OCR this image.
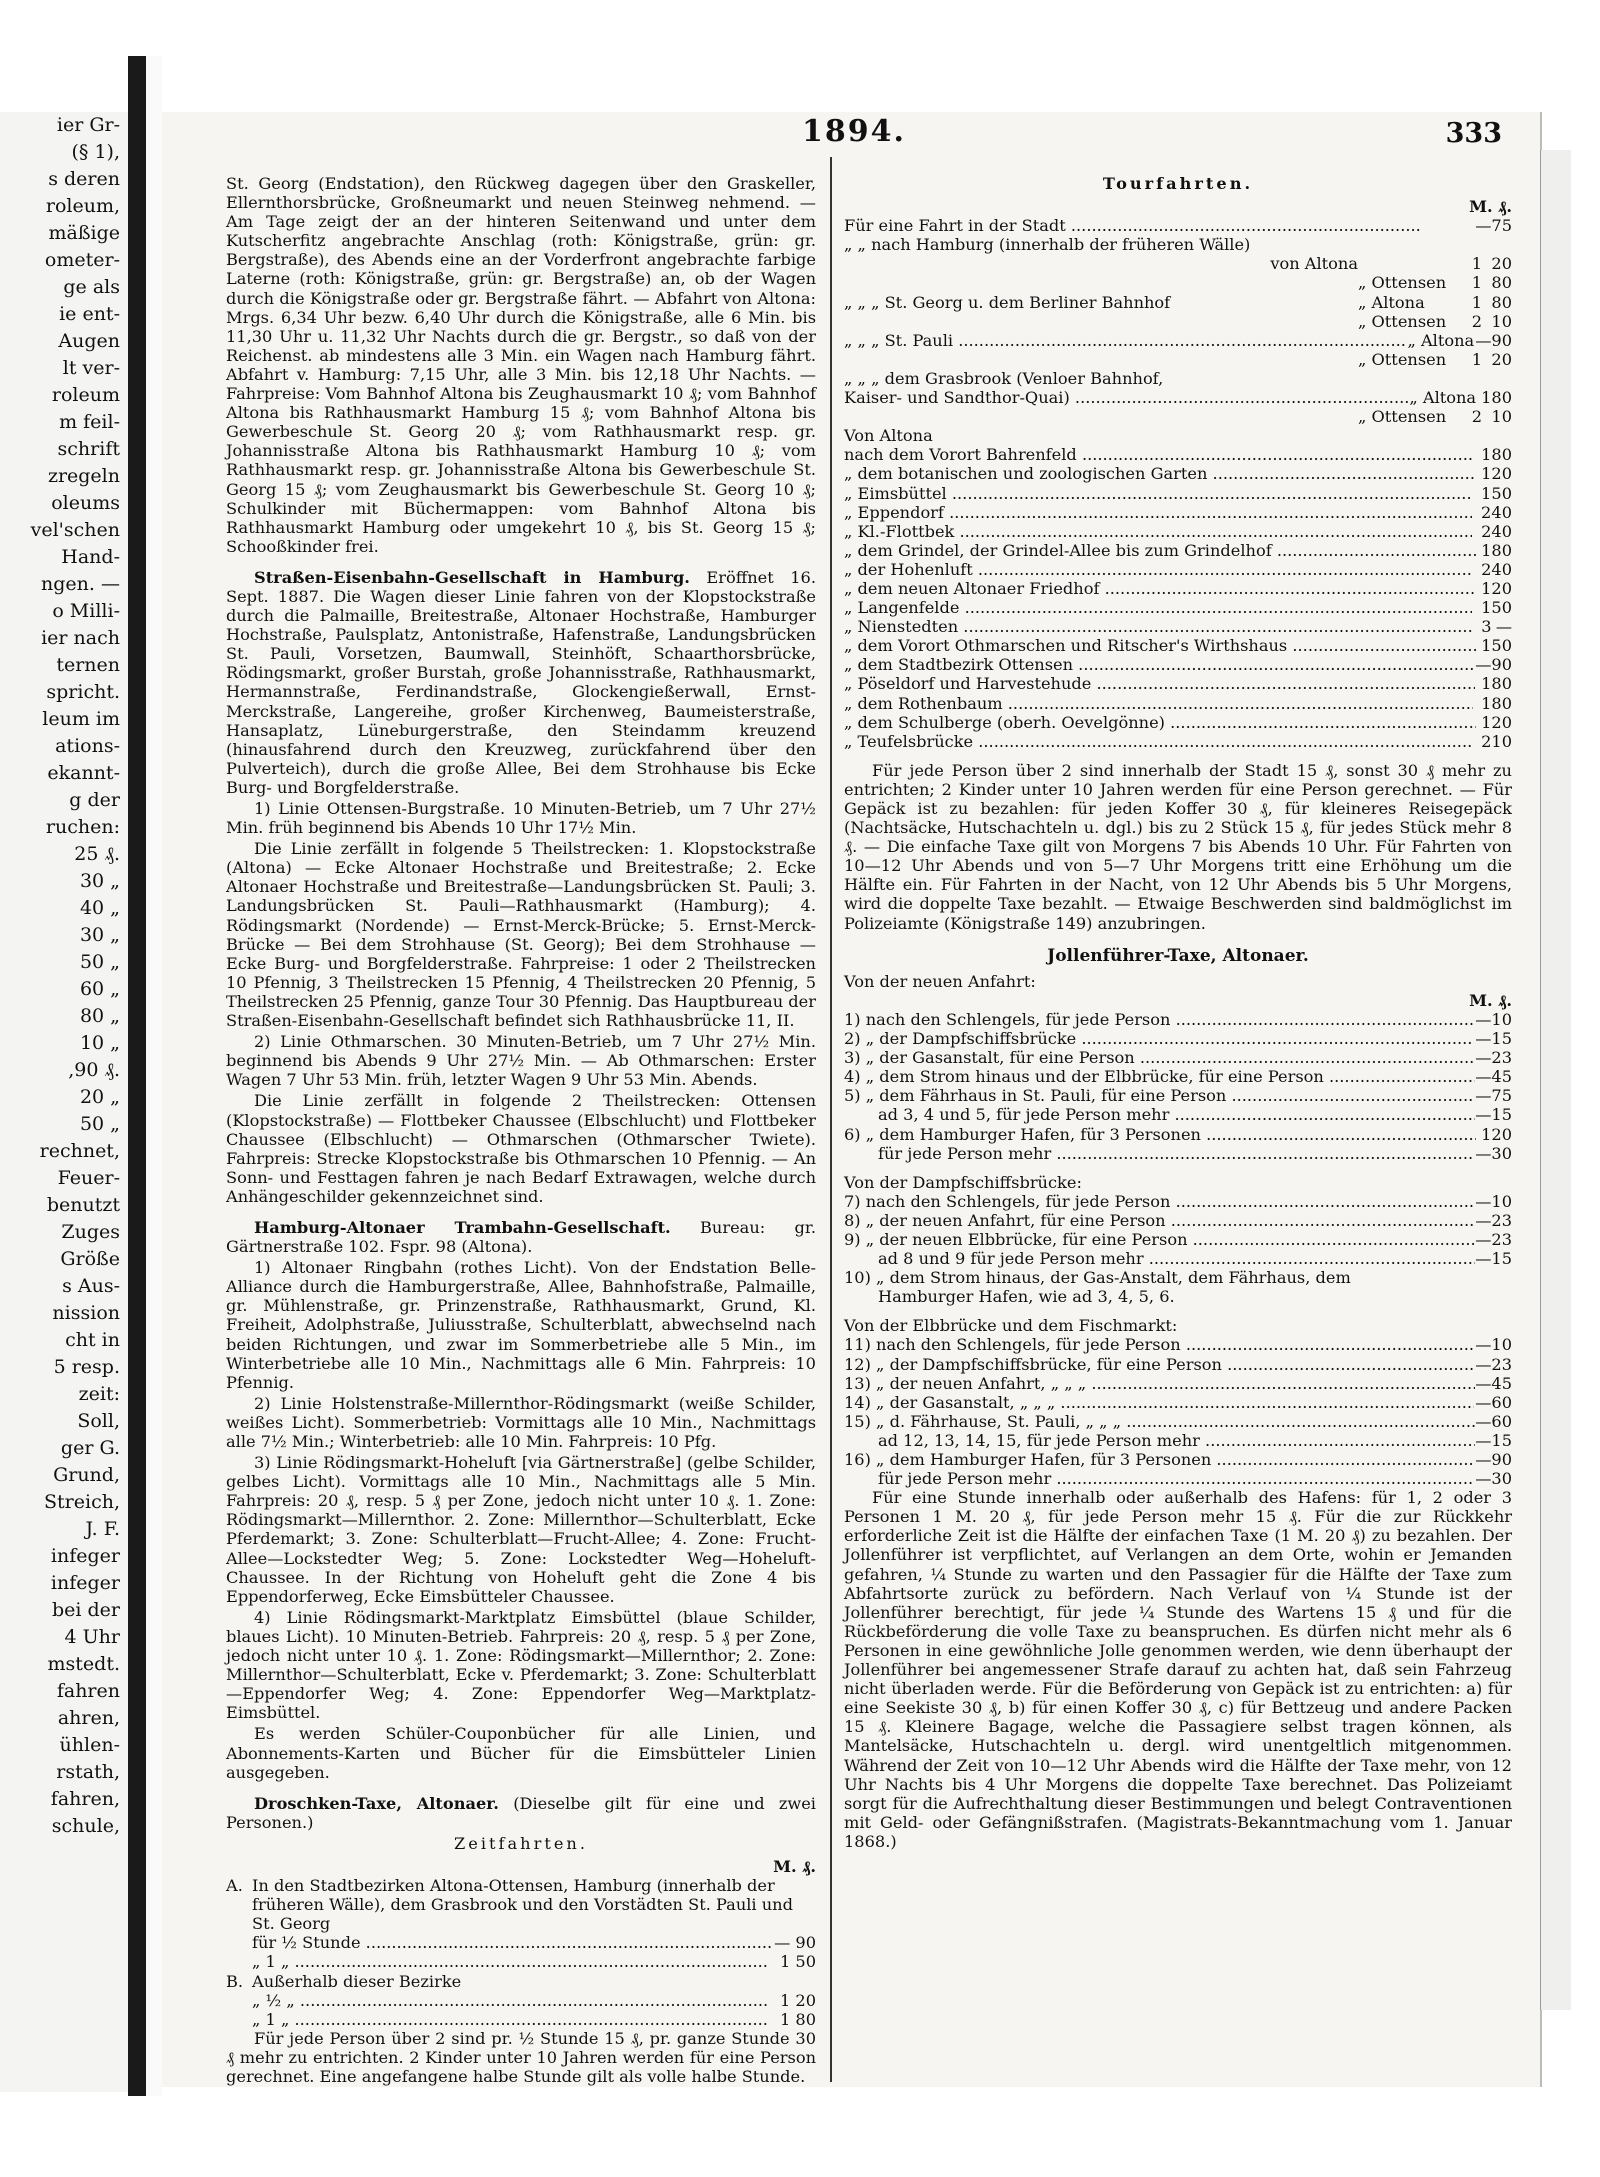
ier Gr-
(§ 1),
s deren
roleum,
mäßige
ometer-
ge als
ie ent-
Augen
lt ver-
roleum
m feil-
schrift
zregeln
oleums
vel'schen
Hand-
ngen. —
o Milli-
ier nach
ternen
spricht.
leum im
ations-
ekannt-
g der
ruchen:
25 ₰.
30 „
40 „
30 „
50 „
60 „
80 „
10 „
,90 ₰.
20 „
50 „
rechnet,
Feuer-
benutzt
Zuges
Größe
s Aus-
nission
cht in
5 resp.
zeit:
Soll,
ger G.
Grund,
Streich,
J. F.
infeger
infeger
bei der
4 Uhr
mstedt.
fahren
ahren,
ühlen-
rstath,
fahren,
schule,
1894.	333

St. Georg (Endstation), den Rückweg dagegen über den Graskeller, Ellernthorsbrücke, Großneumarkt und neuen Steinweg nehmend. — Am Tage zeigt der an der hinteren Seitenwand und unter dem Kutscherfitz angebrachte Anschlag (roth: Königstraße, grün: gr. Bergstraße), des Abends eine an der Vorderfront angebrachte farbige Laterne (roth: Königstraße, grün: gr. Bergstraße) an, ob der Wagen durch die Königstraße oder gr. Bergstraße fährt. — Abfahrt von Altona: Mrgs. 6,34 Uhr bezw. 6,40 Uhr durch die Königstraße, alle 6 Min. bis 11,30 Uhr u. 11,32 Uhr Nachts durch die gr. Bergstr., so daß von der Reichenst. ab mindestens alle 3 Min. ein Wagen nach Hamburg fährt. Abfahrt v. Hamburg: 7,15 Uhr, alle 3 Min. bis 12,18 Uhr Nachts. — Fahrpreise: Vom Bahnhof Altona bis Zeughausmarkt 10 ₰; vom Bahnhof Altona bis Rathhausmarkt Hamburg 15 ₰; vom Bahnhof Altona bis Gewerbeschule St. Georg 20 ₰; vom Rathhausmarkt resp. gr. Johannisstraße Altona bis Rathhausmarkt Hamburg 10 ₰; vom Rathhausmarkt resp. gr. Johannisstraße Altona bis Gewerbeschule St. Georg 15 ₰; vom Zeughausmarkt bis Gewerbeschule St. Georg 10 ₰; Schulkinder mit Büchermappen: vom Bahnhof Altona bis Rathhausmarkt Hamburg oder umgekehrt 10 ₰, bis St. Georg 15 ₰; Schooßkinder frei.

Straßen-Eisenbahn-Gesellschaft in Hamburg. Eröffnet 16. Sept. 1887. Die Wagen dieser Linie fahren von der Klopstockstraße durch die Palmaille, Breitestraße, Altonaer Hochstraße, Hamburger Hochstraße, Paulsplatz, Antonistraße, Hafenstraße, Landungsbrücken St. Pauli, Vorsetzen, Baumwall, Steinhöft, Schaarthorsbrücke, Rödingsmarkt, großer Burstah, große Johannisstraße, Rathhausmarkt, Hermannstraße, Ferdinandstraße, Glockengießerwall, Ernst-Merckstraße, Langereihe, großer Kirchenweg, Baumeisterstraße, Hansaplatz, Lüneburgerstraße, den Steindamm kreuzend (hinausfahrend durch den Kreuzweg, zurückfahrend über den Pulverteich), durch die große Allee, Bei dem Strohhause bis Ecke Burg- und Borgfelderstraße.

1) Linie Ottensen-Burgstraße. 10 Minuten-Betrieb, um 7 Uhr 27½ Min. früh beginnend bis Abends 10 Uhr 17½ Min.

Die Linie zerfällt in folgende 5 Theilstrecken: 1. Klopstockstraße (Altona) — Ecke Altonaer Hochstraße und Breitestraße; 2. Ecke Altonaer Hochstraße und Breitestraße—Landungsbrücken St. Pauli; 3. Landungsbrücken St. Pauli—Rathhausmarkt (Hamburg); 4. Rödingsmarkt (Nordende) — Ernst-Merck-Brücke; 5. Ernst-Merck-Brücke — Bei dem Strohhause (St. Georg); Bei dem Strohhause — Ecke Burg- und Borgfelderstraße. Fahrpreise: 1 oder 2 Theilstrecken 10 Pfennig, 3 Theilstrecken 15 Pfennig, 4 Theilstrecken 20 Pfennig, 5 Theilstrecken 25 Pfennig, ganze Tour 30 Pfennig. Das Hauptbureau der Straßen-Eisenbahn-Gesellschaft befindet sich Rathhausbrücke 11, II.

2) Linie Othmarschen. 30 Minuten-Betrieb, um 7 Uhr 27½ Min. beginnend bis Abends 9 Uhr 27½ Min. — Ab Othmarschen: Erster Wagen 7 Uhr 53 Min. früh, letzter Wagen 9 Uhr 53 Min. Abends.

Die Linie zerfällt in folgende 2 Theilstrecken: Ottensen (Klopstockstraße) — Flottbeker Chaussee (Elbschlucht) und Flottbeker Chaussee (Elbschlucht) — Othmarschen (Othmarscher Twiete). Fahrpreis: Strecke Klopstockstraße bis Othmarschen 10 Pfennig. — An Sonn- und Festtagen fahren je nach Bedarf Extrawagen, welche durch Anhängeschilder gekennzeichnet sind.

Hamburg-Altonaer Trambahn-Gesellschaft. Bureau: gr. Gärtnerstraße 102. Fspr. 98 (Altona).

1) Altonaer Ringbahn (rothes Licht). Von der Endstation Belle-Alliance durch die Hamburgerstraße, Allee, Bahnhofstraße, Palmaille, gr. Mühlenstraße, gr. Prinzenstraße, Rathhausmarkt, Grund, Kl. Freiheit, Adolphstraße, Juliusstraße, Schulterblatt, abwechselnd nach beiden Richtungen, und zwar im Sommerbetriebe alle 5 Min., im Winterbetriebe alle 10 Min., Nachmittags alle 6 Min. Fahrpreis: 10 Pfennig.

2) Linie Holstenstraße-Millernthor-Rödingsmarkt (weiße Schilder, weißes Licht). Sommerbetrieb: Vormittags alle 10 Min., Nachmittags alle 7½ Min.; Winterbetrieb: alle 10 Min. Fahrpreis: 10 Pfg.

3) Linie Rödingsmarkt-Hoheluft [via Gärtnerstraße] (gelbe Schilder, gelbes Licht). Vormittags alle 10 Min., Nachmittags alle 5 Min. Fahrpreis: 20 ₰, resp. 5 ₰ per Zone, jedoch nicht unter 10 ₰. 1. Zone: Rödingsmarkt—Millernthor. 2. Zone: Millernthor—Schulterblatt, Ecke Pferdemarkt; 3. Zone: Schulterblatt—Frucht-Allee; 4. Zone: Frucht-Allee—Lockstedter Weg; 5. Zone: Lockstedter Weg—Hoheluft-Chaussee. In der Richtung von Hoheluft geht die Zone 4 bis Eppendorferweg, Ecke Eimsbütteler Chaussee.

4) Linie Rödingsmarkt-Marktplatz Eimsbüttel (blaue Schilder, blaues Licht). 10 Minuten-Betrieb. Fahrpreis: 20 ₰, resp. 5 ₰ per Zone, jedoch nicht unter 10 ₰. 1. Zone: Rödingsmarkt—Millernthor; 2. Zone: Millernthor—Schulterblatt, Ecke v. Pferdemarkt; 3. Zone: Schulterblatt—Eppendorfer Weg; 4. Zone: Eppendorfer Weg—Marktplatz-Eimsbüttel.

Es werden Schüler-Couponbücher für alle Linien, und Abonnements-Karten und Bücher für die Eimsbütteler Linien ausgegeben.

Droschken-Taxe, Altonaer. (Dieselbe gilt für eine und zwei Personen.)

Zeitfahrten.
M. ₰.
A. In den Stadtbezirken Altona-Ottensen, Hamburg (innerhalb der früheren Wälle), dem Grasbrook und den Vorstädten St. Pauli und St. Georg
für ½ Stunde .....	— 90
„ 1 „ .....	1 50
B. Außerhalb dieser Bezirke
„ ½ „ .....	1 20
„ 1 „ .....	1 80

Für jede Person über 2 sind pr. ½ Stunde 15 ₰, pr. ganze Stunde 30 ₰ mehr zu entrichten. 2 Kinder unter 10 Jahren werden für eine Person gerechnet. Eine angefangene halbe Stunde gilt als volle halbe Stunde.

Tourfahrten.
M. ₰.
Für eine Fahrt in der Stadt .....	— 75
„ „ nach Hamburg (innerhalb der früheren Wälle)
von Altona	1 20
„ Ottensen	1 80
„ „ „ St. Georg u. dem Berliner Bahnhof	„ Altona	1 80
„ Ottensen	2 10
„ „ „ St. Pauli .....	„ Altona — 90
„ Ottensen	1 20
„ „ „ dem Grasbrook (Venloer Bahnhof,
Kaiser- und Sandthor-Quai) .....	„ Altona 1 80
„ Ottensen	2 10
Von Altona
nach dem Vorort Bahrenfeld .....	1 80
„ dem botanischen und zoologischen Garten .....	1 20
„ Eimsbüttel .....	1 50
„ Eppendorf .....	2 40
„ Kl.-Flottbek .....	2 40
„ dem Grindel, der Grindel-Allee bis zum Grindelhof .....	1 80
„ der Hohenluft .....	2 40
„ dem neuen Altonaer Friedhof .....	1 20
„ Langenfelde .....	1 50
„ Nienstedten .....	3 —
„ dem Vorort Othmarschen und Ritscher's Wirthshaus .....	1 50
„ dem Stadtbezirk Ottensen .....	— 90
„ Pöseldorf und Harvestehude .....	1 80
„ dem Rothenbaum .....	1 80
„ dem Schulberge (oberh. Oevelgönne) .....	1 20
„ Teufelsbrücke .....	2 10

Für jede Person über 2 sind innerhalb der Stadt 15 ₰, sonst 30 ₰ mehr zu entrichten; 2 Kinder unter 10 Jahren werden für eine Person gerechnet. — Für Gepäck ist zu bezahlen: für jeden Koffer 30 ₰, für kleineres Reisegepäck (Nachtsäcke, Hutschachteln u. dgl.) bis zu 2 Stück 15 ₰, für jedes Stück mehr 8 ₰. — Die einfache Taxe gilt von Morgens 7 bis Abends 10 Uhr. Für Fahrten von 10—12 Uhr Abends und von 5—7 Uhr Morgens tritt eine Erhöhung um die Hälfte ein. Für Fahrten in der Nacht, von 12 Uhr Abends bis 5 Uhr Morgens, wird die doppelte Taxe bezahlt. — Etwaige Beschwerden sind baldmöglichst im Polizeiamte (Königstraße 149) anzubringen.

Jollenführer-Taxe, Altonaer.
Von der neuen Anfahrt:
M. ₰.
1) nach den Schlengels, für jede Person .....	— 10
2) „ der Dampfschiffsbrücke .....	— 15
3) „ der Gasanstalt, für eine Person .....	— 23
4) „ dem Strom hinaus und der Elbbrücke, für eine Person .....	— 45
5) „ dem Fährhaus in St. Pauli, für eine Person .....	— 75
ad 3, 4 und 5, für jede Person mehr .....	— 15
6) „ dem Hamburger Hafen, für 3 Personen .....	1 20
für jede Person mehr .....	— 30
Von der Dampfschiffsbrücke:
7) nach den Schlengels, für jede Person .....	— 10
8) „ der neuen Anfahrt, für eine Person .....	— 23
9) „ der neuen Elbbrücke, für eine Person .....	— 23
ad 8 und 9 für jede Person mehr .....	— 15
10) „ dem Strom hinaus, der Gas-Anstalt, dem Fährhaus, dem
Hamburger Hafen, wie ad 3, 4, 5, 6.
Von der Elbbrücke und dem Fischmarkt:
11) nach den Schlengels, für jede Person .....	— 10
12) „ der Dampfschiffsbrücke, für eine Person .....	— 23
13) „ der neuen Anfahrt, „ „ „ .....	— 45
14) „ der Gasanstalt, „ „ „ .....	— 60
15) „ d. Fährhause, St. Pauli, „ „ „ .....	— 60
ad 12, 13, 14, 15, für jede Person mehr .....	— 15
16) „ dem Hamburger Hafen, für 3 Personen .....	— 90
für jede Person mehr .....	— 30

Für eine Stunde innerhalb oder außerhalb des Hafens: für 1, 2 oder 3 Personen 1 M. 20 ₰, für jede Person mehr 15 ₰. Für die zur Rückkehr erforderliche Zeit ist die Hälfte der einfachen Taxe (1 M. 20 ₰) zu bezahlen. Der Jollenführer ist verpflichtet, auf Verlangen an dem Orte, wohin er Jemanden gefahren, ¼ Stunde zu warten und den Passagier für die Hälfte der Taxe zum Abfahrtsorte zurück zu befördern. Nach Verlauf von ¼ Stunde ist der Jollenführer berechtigt, für jede ¼ Stunde des Wartens 15 ₰ und für die Rückbeförderung die volle Taxe zu beanspruchen. Es dürfen nicht mehr als 6 Personen in eine gewöhnliche Jolle genommen werden, wie denn überhaupt der Jollenführer bei angemessener Strafe darauf zu achten hat, daß sein Fahrzeug nicht überladen werde. Für die Beförderung von Gepäck ist zu entrichten: a) für eine Seekiste 30 ₰, b) für einen Koffer 30 ₰, c) für Bettzeug und andere Packen 15 ₰. Kleinere Bagage, welche die Passagiere selbst tragen können, als Mantelsäcke, Hutschachteln u. dergl. wird unentgeltlich mitgenommen. Während der Zeit von 10—12 Uhr Abends wird die Hälfte der Taxe mehr, von 12 Uhr Nachts bis 4 Uhr Morgens die doppelte Taxe berechnet. Das Polizeiamt sorgt für die Aufrechthaltung dieser Bestimmungen und belegt Contraventionen mit Geld- oder Gefängnißstrafen. (Magistrats-Bekanntmachung vom 1. Januar 1868.)
